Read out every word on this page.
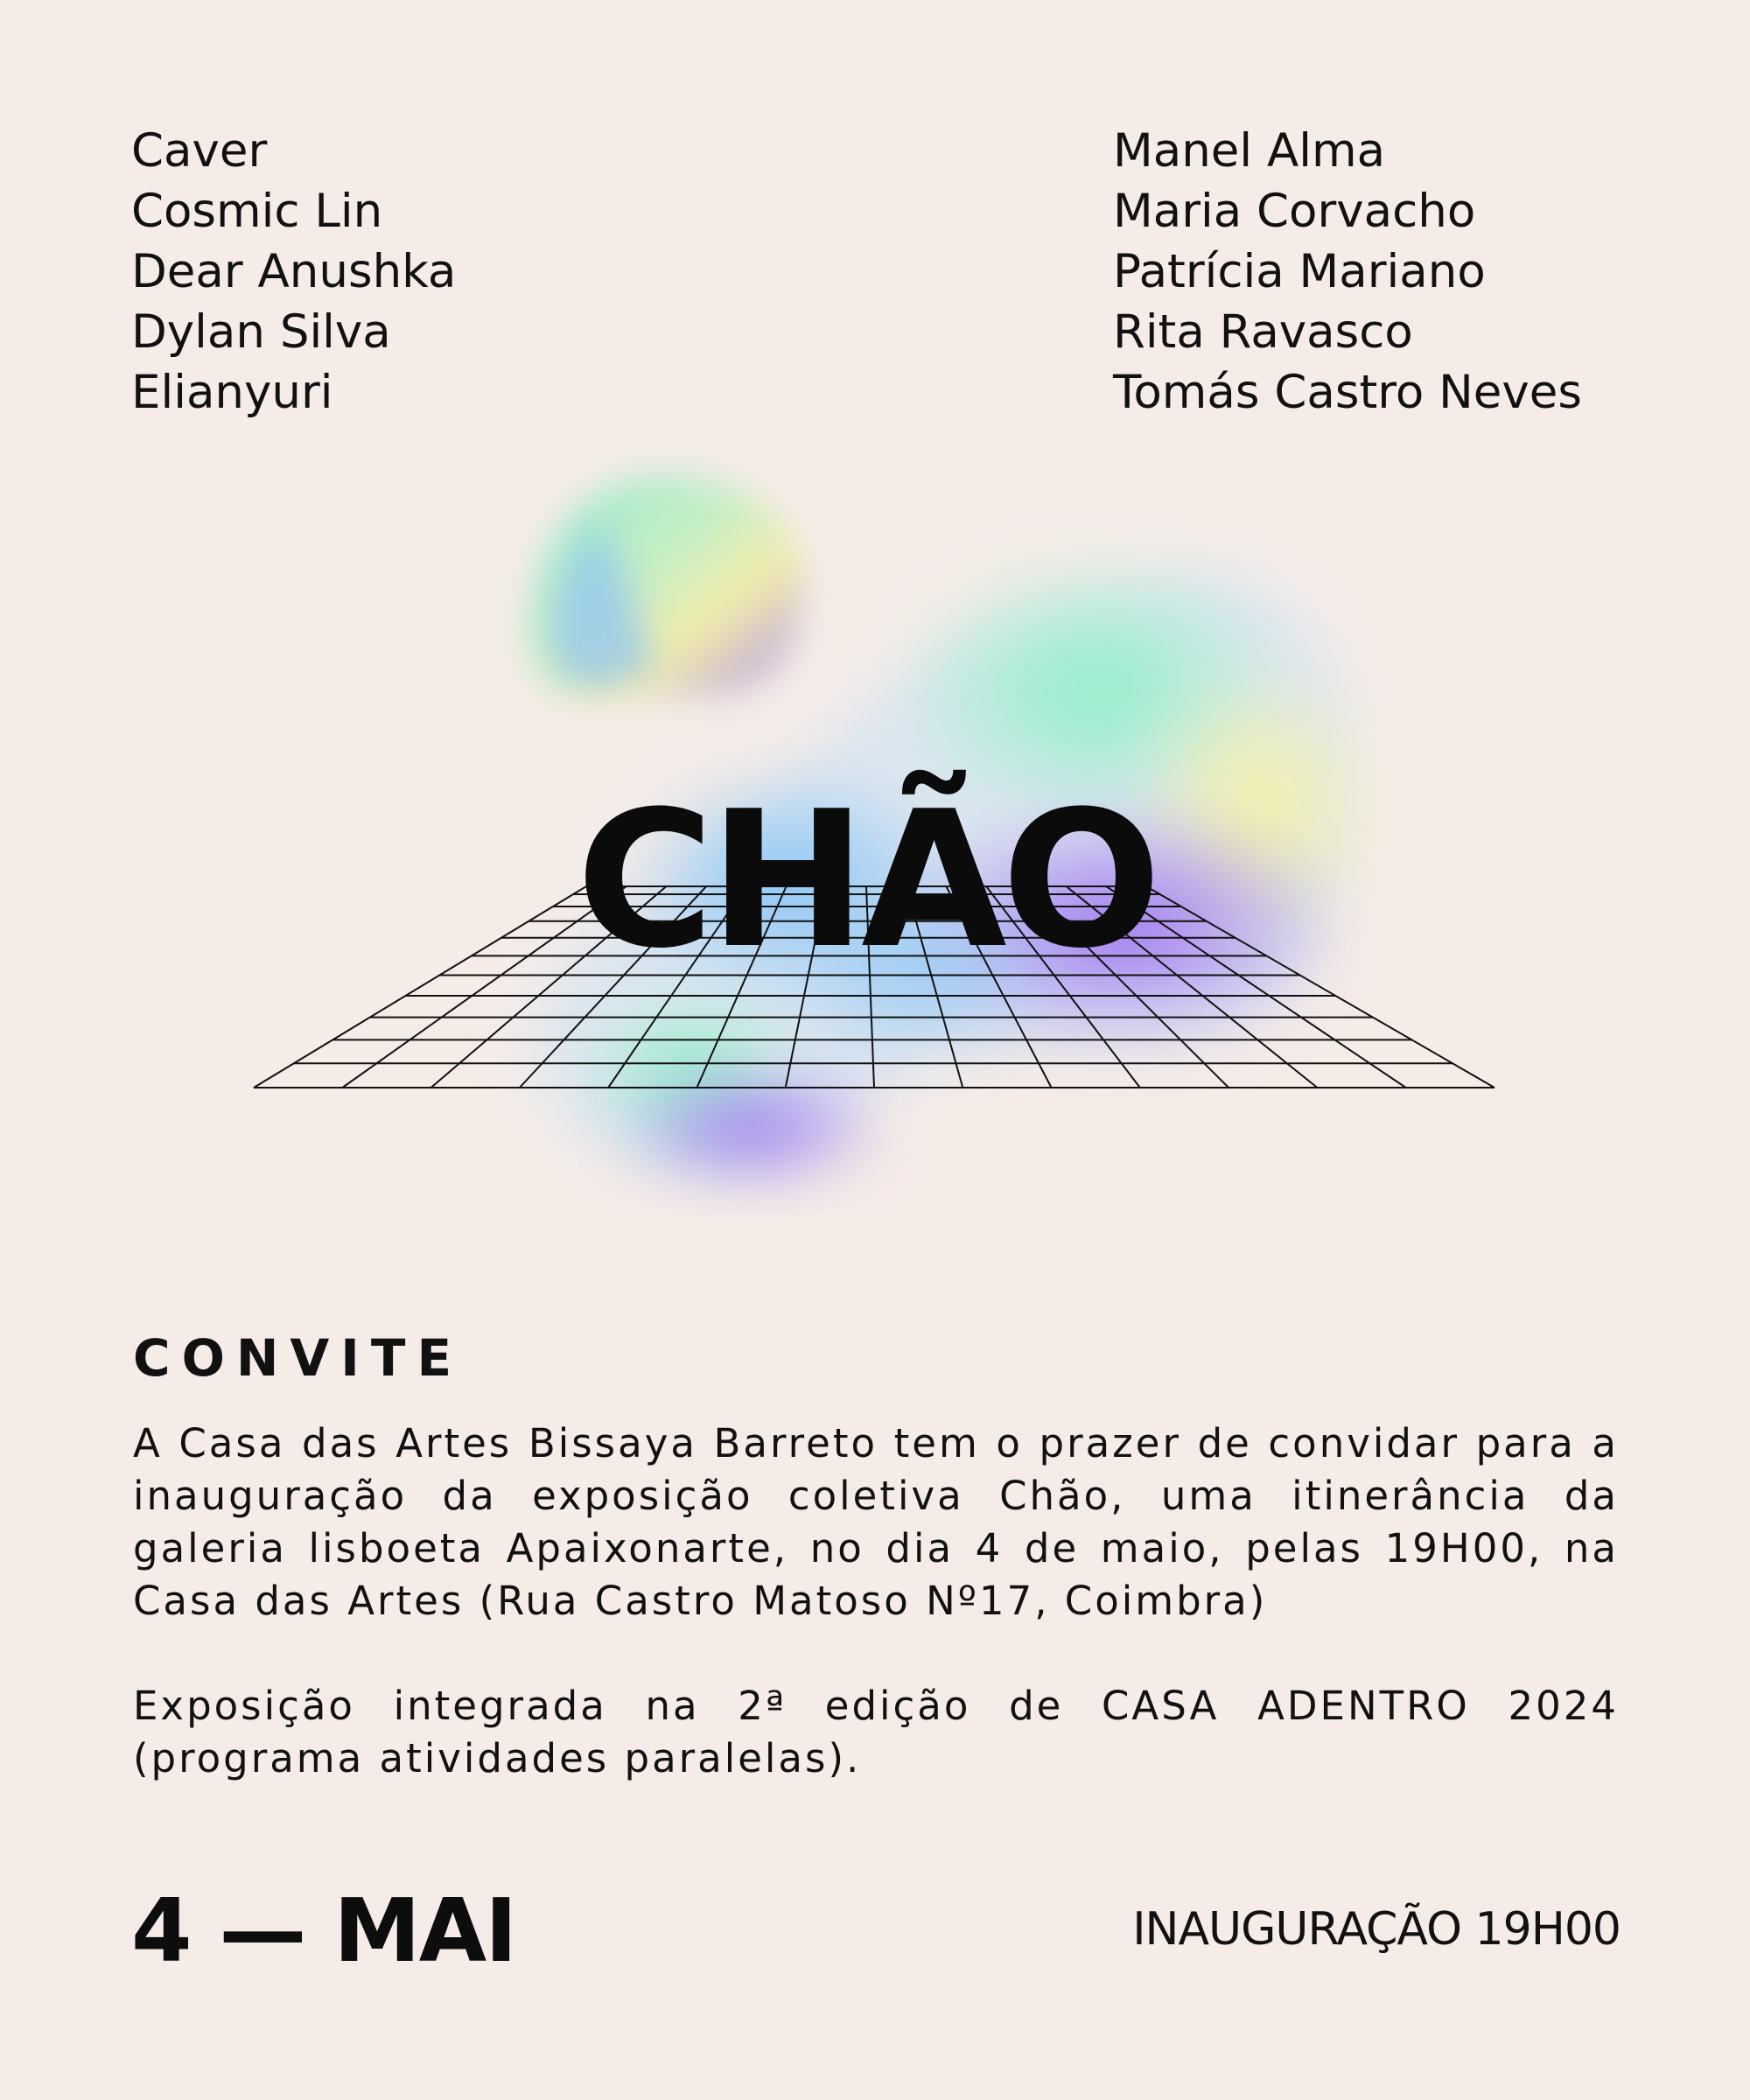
Caver
Cosmic Lin
Dear Anushka
Dylan Silva
Elianyuri
Manel Alma
Maria Corvacho
Patrícia Mariano
Rita Ravasco
Tomás Castro Neves
CHÃO
CONVITE
A Casa das Artes Bissaya Barreto tem o prazer de convidar para a inauguração da exposição coletiva Chão, uma itinerância da galeria lisboeta Apaixonarte, no dia 4 de maio, pelas 19H00, na Casa das Artes (Rua Castro Matoso Nº17, Coimbra)
Exposição integrada na 2ª edição de CASA ADENTRO 2024 (programa atividades paralelas).
4 — MAI	INAUGURAÇÃO 19H00
